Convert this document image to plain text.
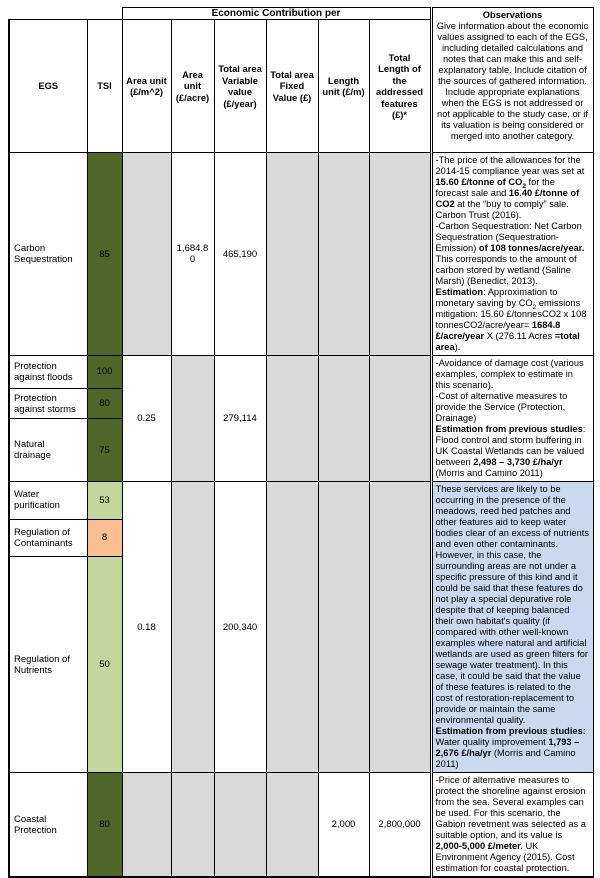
		Economic Contribution per						Observations
Give information about the economic values assigned to each of the EGS, including detailed calculations and notes that can make this and self-explanatory table. Include citation of the sources of gathered information. Include appropriate explanations when the EGS is not addressed or not applicable to the study case, or if its valuation is being considered or merged into another category.

EGS	TSI	Area unit (£/m^2)	Area unit (£/acre)	Total area Variable value (£/year)	Total area Fixed Value (£)	Length unit (£/m)	Total Length of the addressed features (£)*	
Carbon Sequestration	85		1,684.80	465,190				-The price of the allowances for the 2014-15 compliance year was set at 15.60 £/tonne of $CO_2$ for the forecast sale and 16.40 £/tonne of CO2 at the “buy to comply” sale. Carbon Trust (2016).
-Carbon Sequestration: Net Carbon Sequestration (Sequestration-Emission) of 108 tonnes/acre/year. This corresponds to the amount of carbon stored by wetland (Saline Marsh) (Benedict, 2013).
Estimation: Approximation to monetary saving by $CO_2$ emissions mitigation: 15.60 £/tonnesCO2 x 108 tonnesCO2/acre/year= 1684.8 £/acre/year X (276.11 Acres =total area).

Protection against floods	100	0.25		279,114				-Avoidance of damage cost (various examples, complex to estimate in this scenario).
-Cost of alternative measures to provide the Service (Protection, Drainage)
Estimation from previous studies: Flood control and storm buffering in UK Coastal Wetlands can be valued between 2,498 – 3,730 £/ha/yr (Morris and Camino 2011)

Protection against storms	80							
Natural drainage	75							
Water purification	53	0.18		200,340				These services are likely to be occurring in the presence of the meadows, reed bed patches and other features aid to keep water bodies clear of an excess of nutrients and even other contaminants. However, in this case, the surrounding areas are not under a specific pressure of this kind and it could be said that these features do not play a special depurative role despite that of keeping balanced their own habitat's quality (if compared with other well-known examples where natural and artificial wetlands are used as green filters for sewage water treatment). In this case, it could be said that the value of these features is related to the cost of restoration-replacement to provide or maintain the same environmental quality.
Estimation from previous studies: Water quality improvement 1,793 – 2,676 £/ha/yr (Morris and Camino 2011)

Regulation of Contaminants	8							
Regulation of Nutrients	50							
Coastal Protection	80					2,000	2,800,000	-Price of alternative measures to protect the shoreline against erosion from the sea. Several examples can be used. For this scenario, the Gabion revetment was selected as a suitable option, and its value is 2,000-5,000 £/meter. UK Environment Agency (2015). Cost estimation for coastal protection.
